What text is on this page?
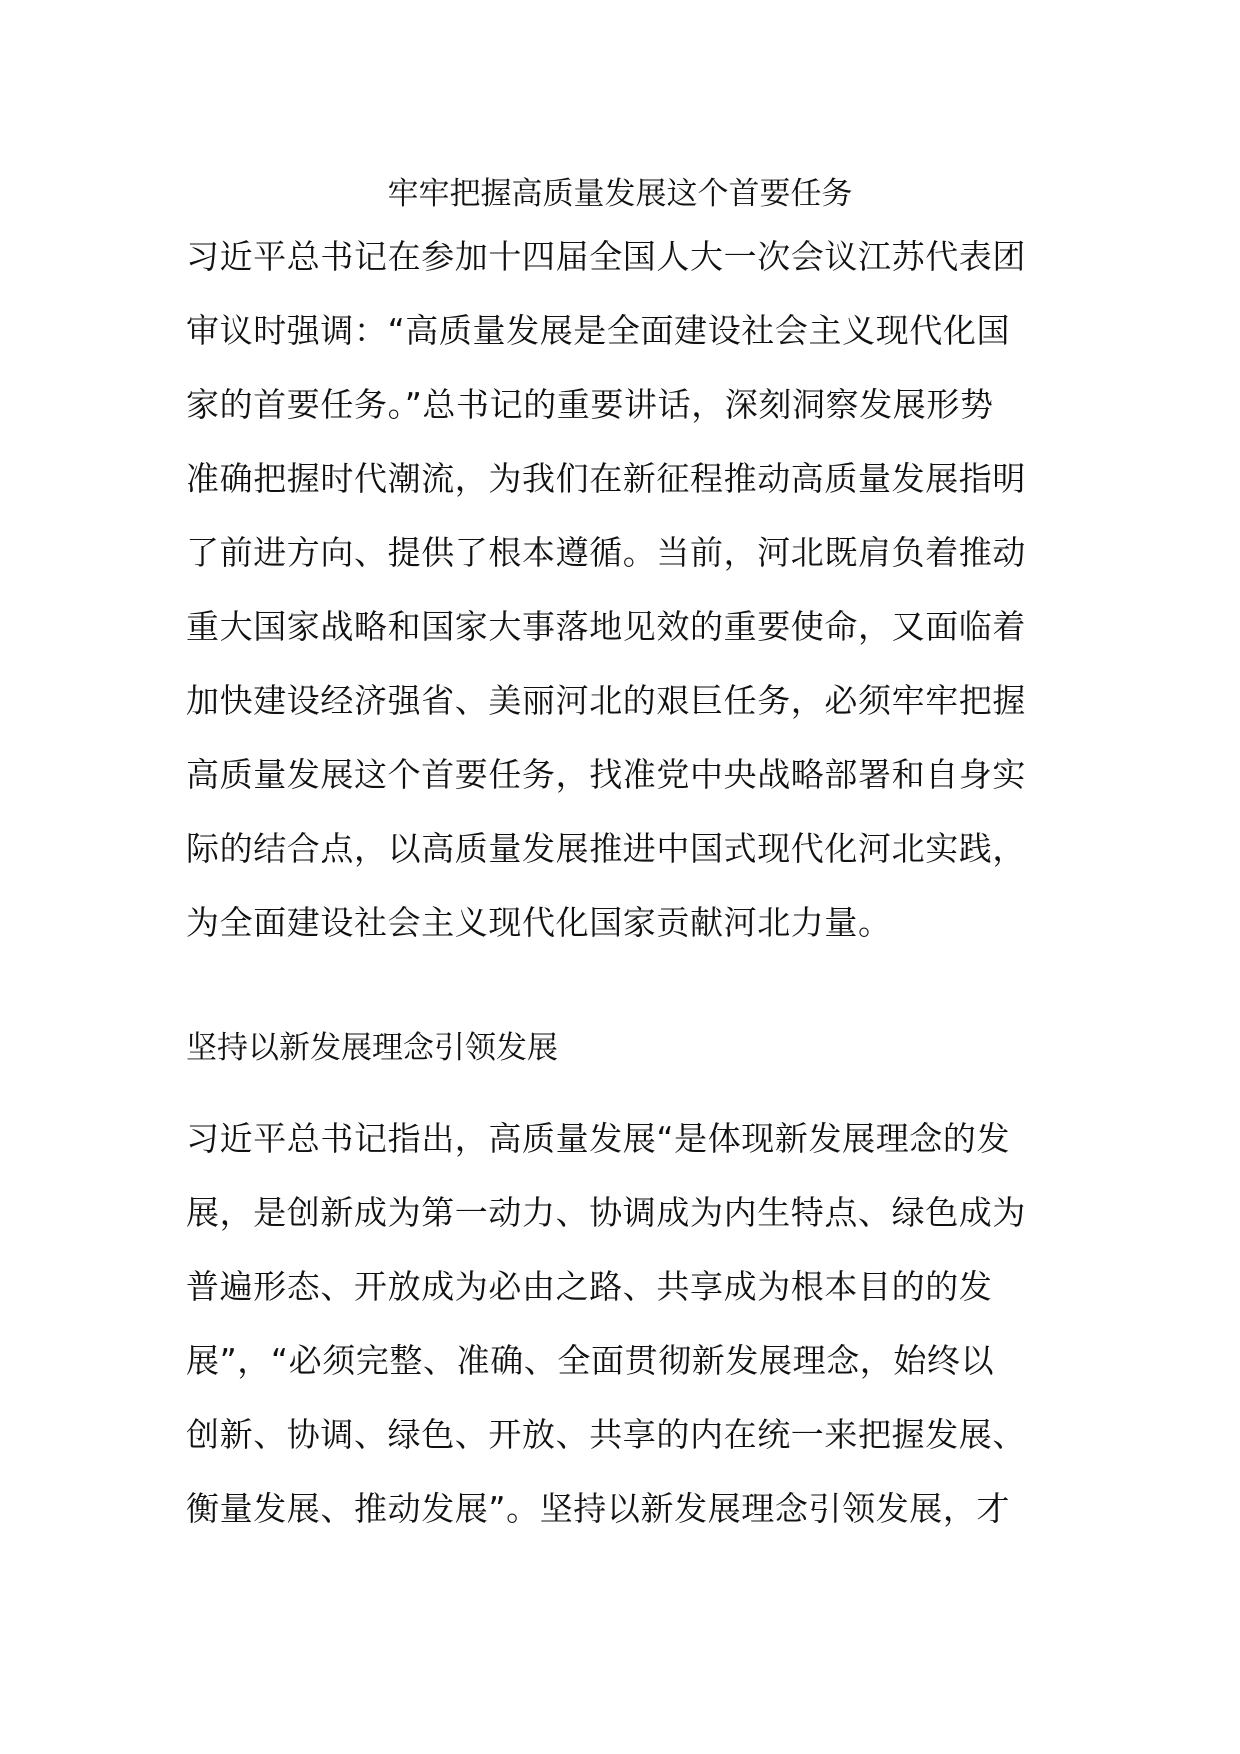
牢牢把握高质量发展这个首要任务
习近平总书记在参加十四届全国人大一次会议江苏代表团
审议时强调：“高质量发展是全面建设社会主义现代化国
家的首要任务。”总书记的重要讲话，深刻洞察发展形势
准确把握时代潮流，为我们在新征程推动高质量发展指明
了前进方向、提供了根本遵循。当前，河北既肩负着推动
重大国家战略和国家大事落地见效的重要使命，又面临着
加快建设经济强省、美丽河北的艰巨任务，必须牢牢把握
高质量发展这个首要任务，找准党中央战略部署和自身实
际的结合点，以高质量发展推进中国式现代化河北实践，
为全面建设社会主义现代化国家贡献河北力量。
坚持以新发展理念引领发展
习近平总书记指出，高质量发展“是体现新发展理念的发
展，是创新成为第一动力、协调成为内生特点、绿色成为
普遍形态、开放成为必由之路、共享成为根本目的的发
展”，“必须完整、准确、全面贯彻新发展理念，始终以
创新、协调、绿色、开放、共享的内在统一来把握发展、
衡量发展、推动发展”。坚持以新发展理念引领发展，才
